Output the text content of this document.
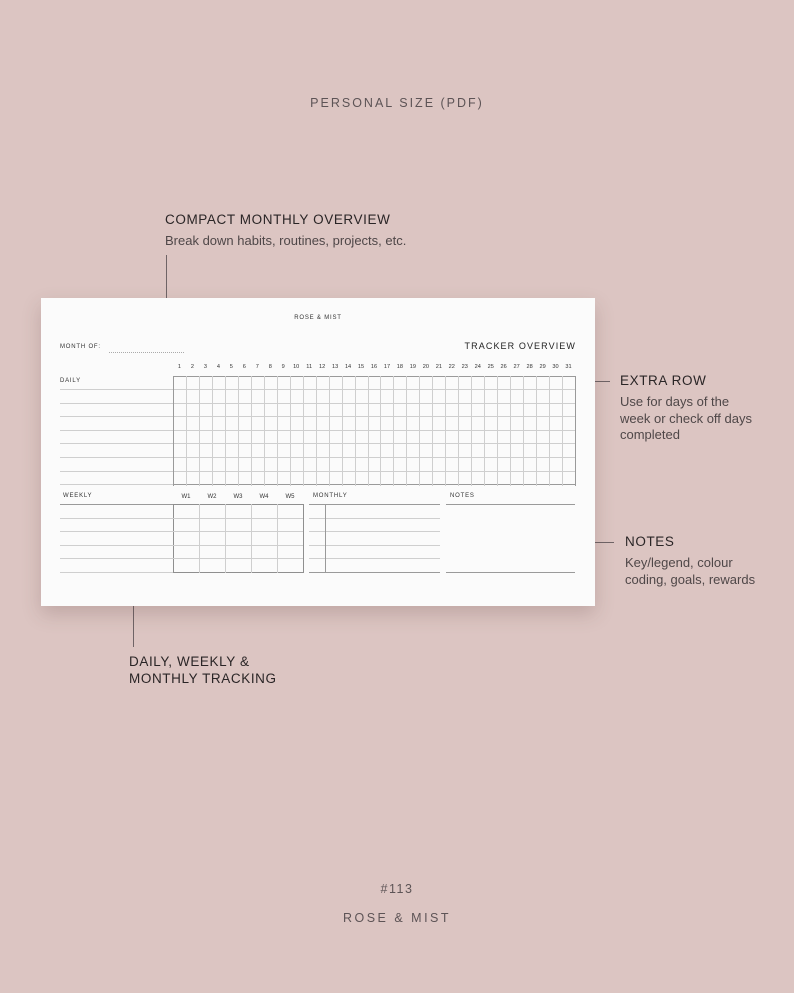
PERSONAL SIZE (PDF)
COMPACT MONTHLY OVERVIEW
Break down habits, routines, projects, etc.
EXTRA ROW
Use for days of the
week or check off days
completed
NOTES
Key/legend, colour
coding, goals, rewards
DAILY, WEEKLY &
MONTHLY TRACKING
ROSE & MIST
MONTH OF:	TRACKER OVERVIEW
1	2	3	4	5	6	7	8	9	10	11	12	13	14	15	16	17	18	19	20	21	22	23	24	25	26	27	28	29	30	31
DAILY
WEEKLY	W1	W2	W3	W4	W5	MONTHLY	NOTES
#113
ROSE & MIST
